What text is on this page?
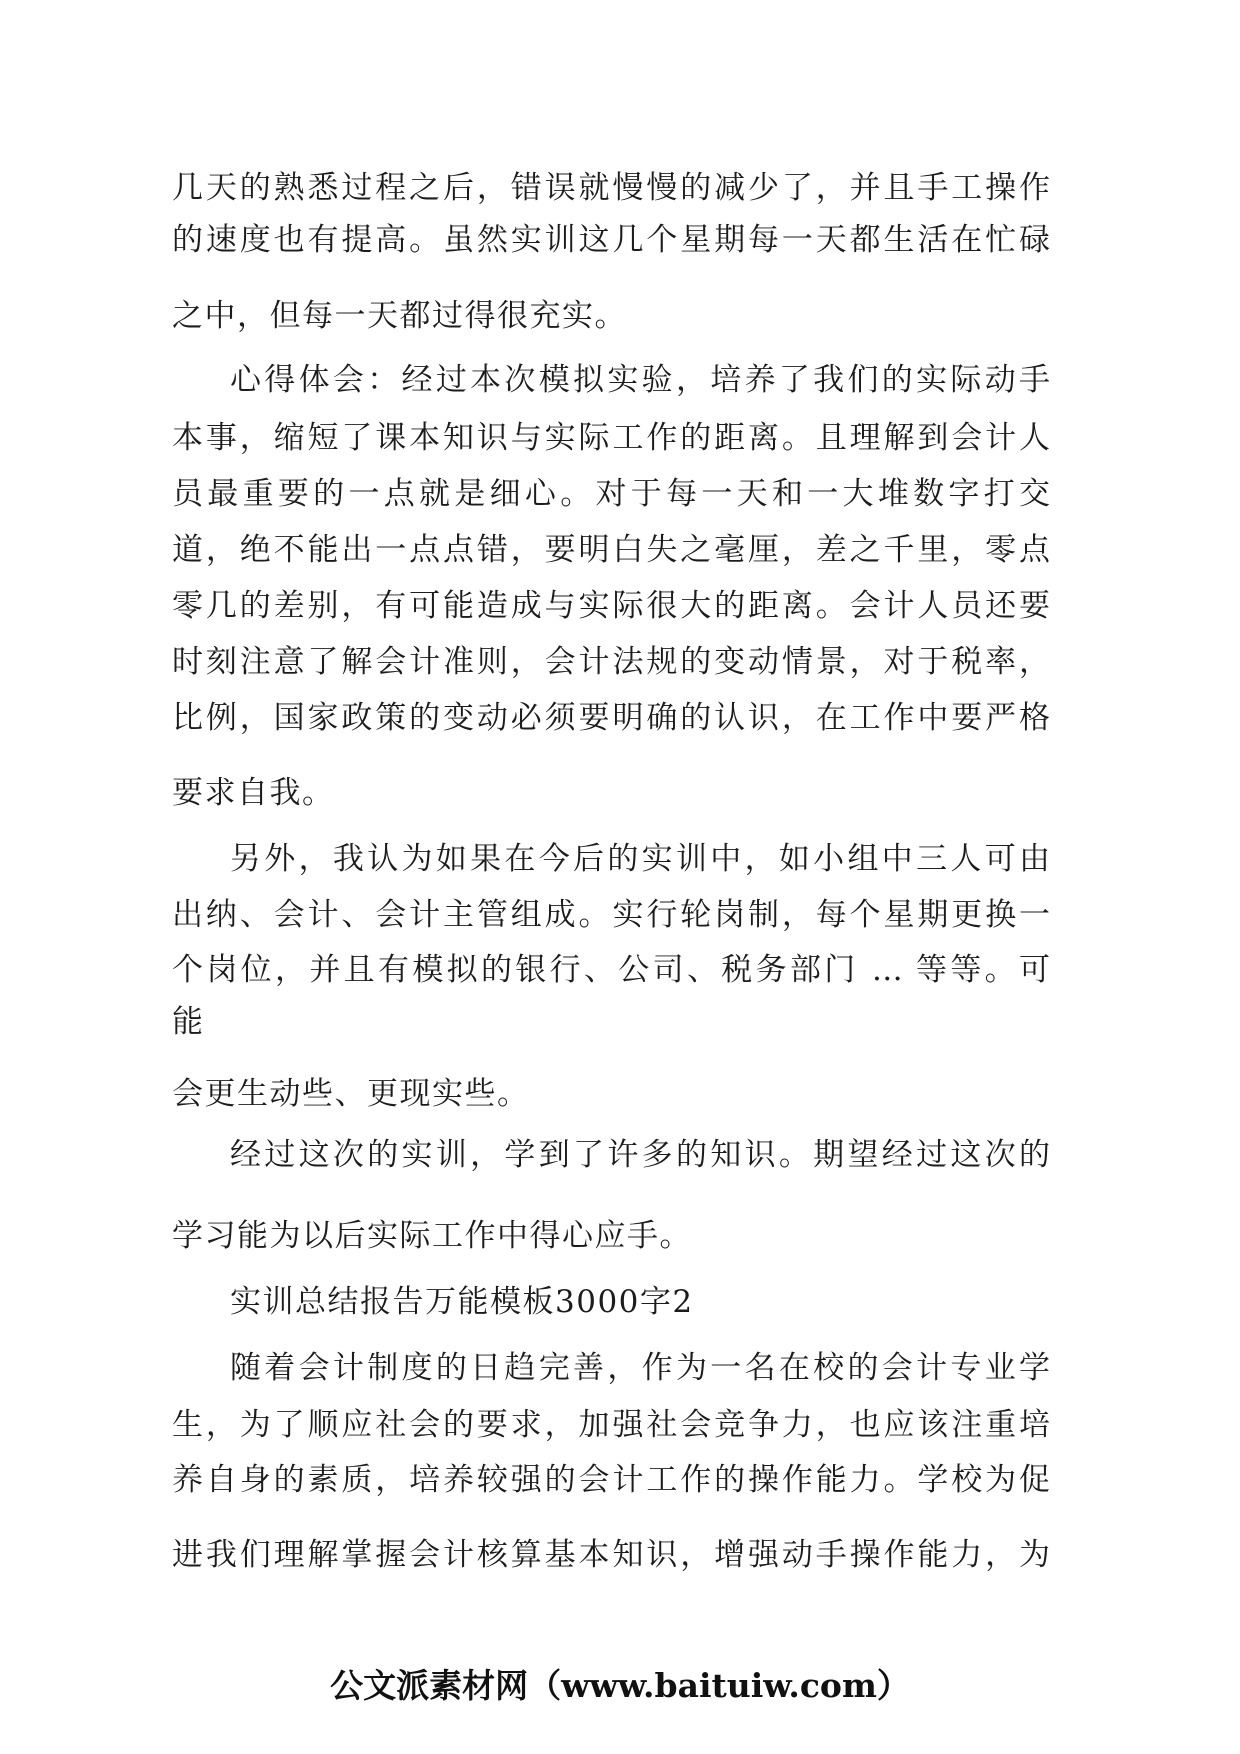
几天的熟悉过程之后，错误就慢慢的减少了，并且手工操作
的速度也有提高。虽然实训这几个星期每一天都生活在忙碌
之中，但每一天都过得很充实。
心得体会：经过本次模拟实验，培养了我们的实际动手
本事，缩短了课本知识与实际工作的距离。且理解到会计人
员最重要的一点就是细心。对于每一天和一大堆数字打交
道，绝不能出一点点错，要明白失之毫厘，差之千里，零点
零几的差别，有可能造成与实际很大的距离。会计人员还要
时刻注意了解会计准则，会计法规的变动情景，对于税率，
比例，国家政策的变动必须要明确的认识，在工作中要严格
要求自我。
另外，我认为如果在今后的实训中，如小组中三人可由
出纳、会计、会计主管组成。实行轮岗制，每个星期更换一
个岗位，并且有模拟的银行、公司、税务部门 … 等等。可
能
会更生动些、更现实些。
经过这次的实训，学到了许多的知识。期望经过这次的
学习能为以后实际工作中得心应手。
实训总结报告万能模板3000字2
随着会计制度的日趋完善，作为一名在校的会计专业学
生，为了顺应社会的要求，加强社会竞争力，也应该注重培
养自身的素质，培养较强的会计工作的操作能力。学校为促
进我们理解掌握会计核算基本知识，增强动手操作能力，为
公文派素材网（www.baituiw.com）
